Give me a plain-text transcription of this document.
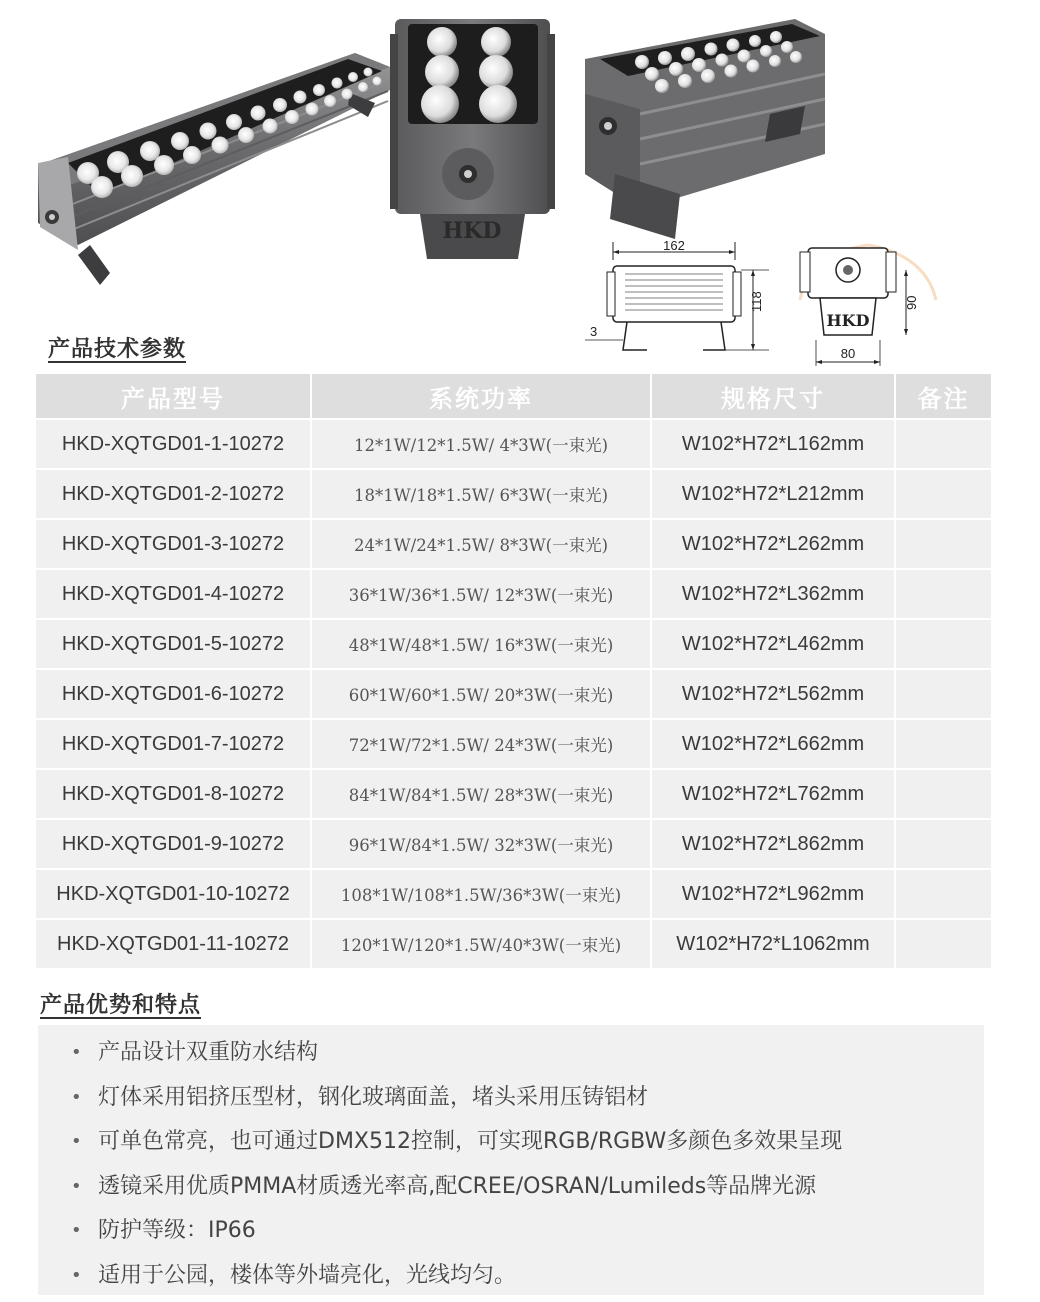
HKD
162
118
3
HKD
90
80
产品技术参数
产品型号	系统功率	规格尺寸	备注
HKD-XQTGD01-1-10272	12*1W/12*1.5W/ 4*3W(一束光)	W102*H72*L162mm	
HKD-XQTGD01-2-10272	18*1W/18*1.5W/ 6*3W(一束光)	W102*H72*L212mm	
HKD-XQTGD01-3-10272	24*1W/24*1.5W/ 8*3W(一束光)	W102*H72*L262mm	
HKD-XQTGD01-4-10272	36*1W/36*1.5W/ 12*3W(一束光)	W102*H72*L362mm	
HKD-XQTGD01-5-10272	48*1W/48*1.5W/ 16*3W(一束光)	W102*H72*L462mm	
HKD-XQTGD01-6-10272	60*1W/60*1.5W/ 20*3W(一束光)	W102*H72*L562mm	
HKD-XQTGD01-7-10272	72*1W/72*1.5W/ 24*3W(一束光)	W102*H72*L662mm	
HKD-XQTGD01-8-10272	84*1W/84*1.5W/ 28*3W(一束光)	W102*H72*L762mm	
HKD-XQTGD01-9-10272	96*1W/84*1.5W/ 32*3W(一束光)	W102*H72*L862mm	
HKD-XQTGD01-10-10272	108*1W/108*1.5W/36*3W(一束光)	W102*H72*L962mm	
HKD-XQTGD01-11-10272	120*1W/120*1.5W/40*3W(一束光)	W102*H72*L1062mm	
产品优势和特点
• 产品设计双重防水结构
• 灯体采用铝挤压型材，钢化玻璃面盖，堵头采用压铸铝材
• 可单色常亮，也可通过DMX512控制，可实现RGB/RGBW多颜色多效果呈现
• 透镜采用优质PMMA材质透光率高,配CREE/OSRAN/Lumileds等品牌光源
• 防护等级：IP66
• 适用于公园，楼体等外墙亮化，光线均匀。
